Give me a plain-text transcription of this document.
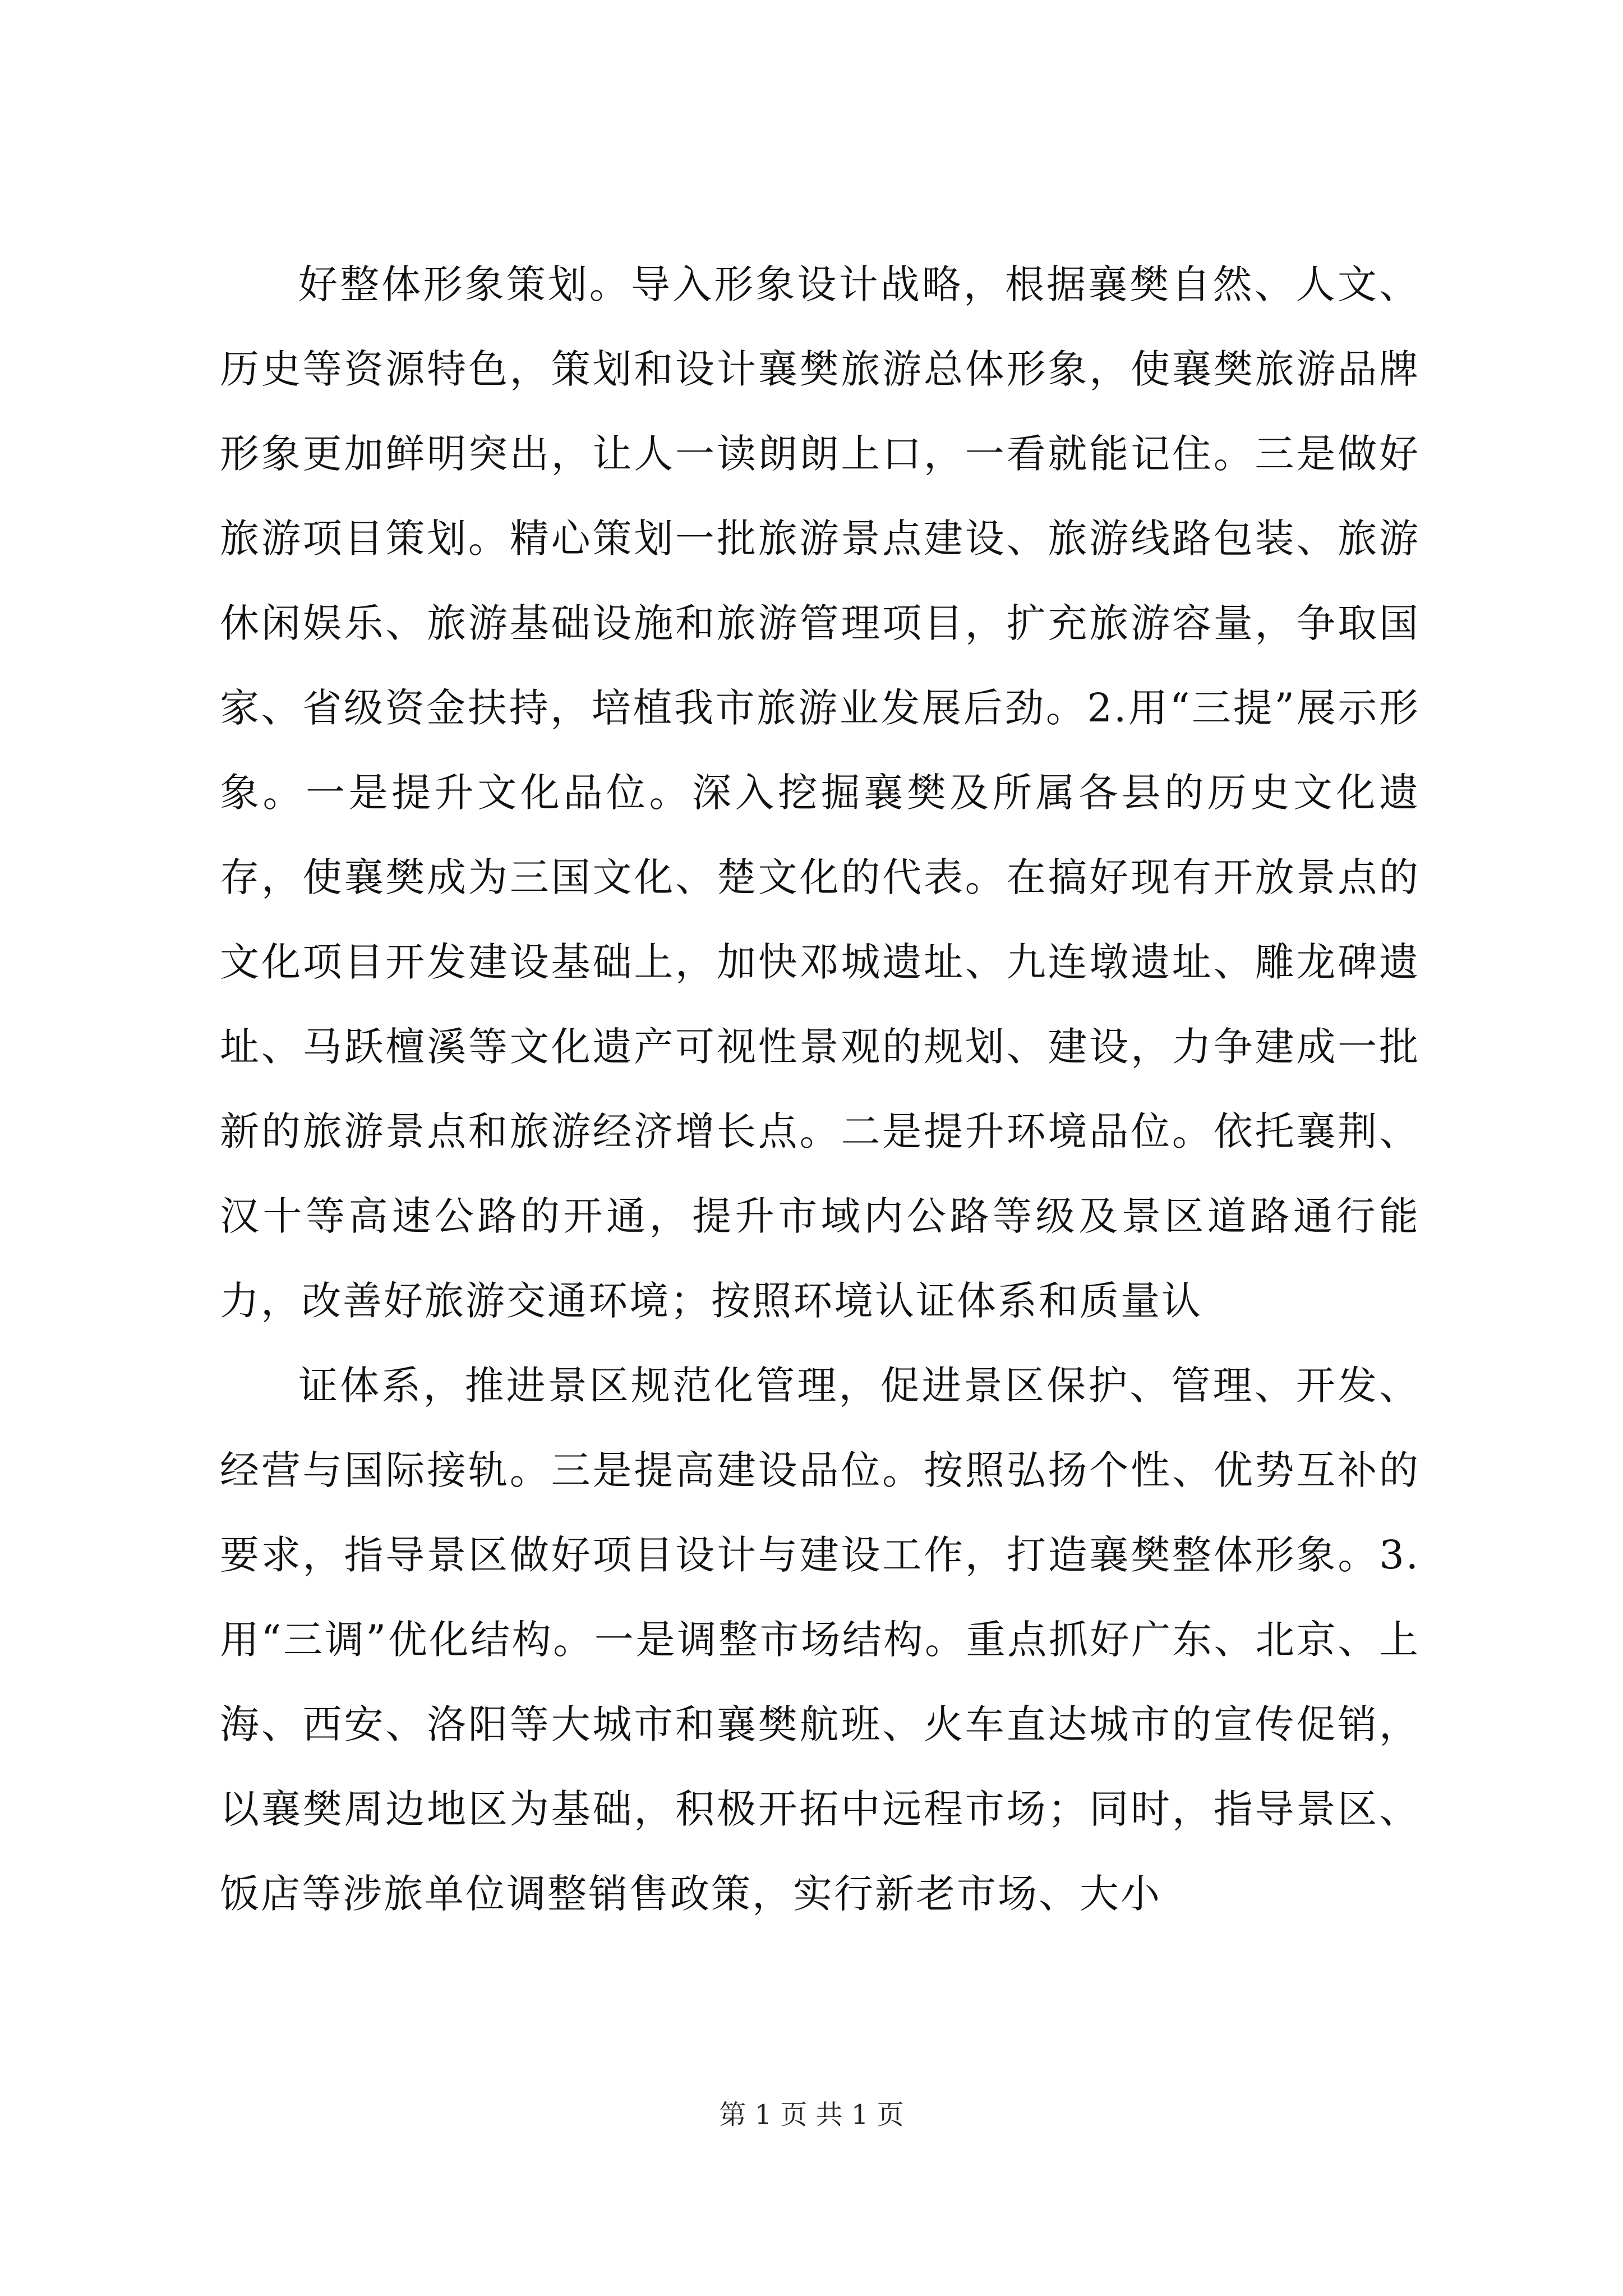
好整体形象策划。导入形象设计战略，根据襄樊自然、人文、历史等资源特色，策划和设计襄樊旅游总体形象，使襄樊旅游品牌形象更加鲜明突出，让人一读朗朗上口，一看就能记住。三是做好旅游项目策划。精心策划一批旅游景点建设、旅游线路包装、旅游休闲娱乐、旅游基础设施和旅游管理项目，扩充旅游容量，争取国家、省级资金扶持，培植我市旅游业发展后劲。2.用“三提”展示形象。一是提升文化品位。深入挖掘襄樊及所属各县的历史文化遗存，使襄樊成为三国文化、楚文化的代表。在搞好现有开放景点的文化项目开发建设基础上，加快邓城遗址、九连墩遗址、雕龙碑遗址、马跃檀溪等文化遗产可视性景观的规划、建设，力争建成一批新的旅游景点和旅游经济增长点。二是提升环境品位。依托襄荆、汉十等高速公路的开通，提升市域内公路等级及景区道路通行能力，改善好旅游交通环境；按照环境认证体系和质量认

证体系，推进景区规范化管理，促进景区保护、管理、开发、经营与国际接轨。三是提高建设品位。按照弘扬个性、优势互补的要求，指导景区做好项目设计与建设工作，打造襄樊整体形象。3.用“三调”优化结构。一是调整市场结构。重点抓好广东、北京、上海、西安、洛阳等大城市和襄樊航班、火车直达城市的宣传促销，以襄樊周边地区为基础，积极开拓中远程市场；同时，指导景区、饭店等涉旅单位调整销售政策，实行新老市场、大小

第 1 页 共 1 页
